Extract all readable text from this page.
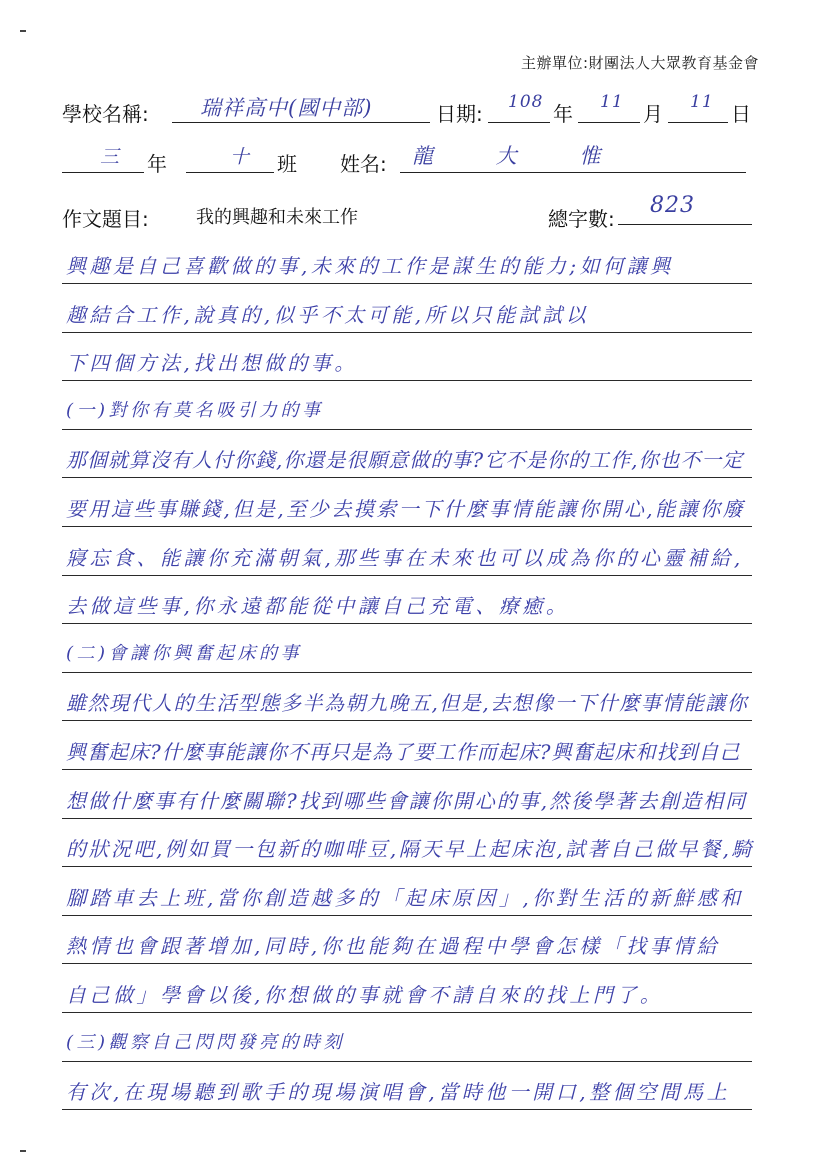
主辦單位:財團法人大眾教育基金會
學校名稱: 瑞祥高中(國中部)	日期: 108 年 11 月 11 日
三 年	十 班 姓名: 龍 大 惟
作文題目:	我的興趣和未來工作	總字數:
823
興趣是自己喜歡做的事,未來的工作是謀生的能力;如何讓興
趣結合工作,說真的,似乎不太可能,所以只能試試以
下四個方法,找出想做的事。
(一)對你有莫名吸引力的事
那個就算沒有人付你錢,你還是很願意做的事?它不是你的工作,你也不一定
要用這些事賺錢,但是,至少去摸索一下什麼事情能讓你開心,能讓你廢
寢忘食、能讓你充滿朝氣,那些事在未來也可以成為你的心靈補給,
去做這些事,你永遠都能從中讓自己充電、療癒。
(二)會讓你興奮起床的事
雖然現代人的生活型態多半為朝九晚五,但是,去想像一下什麼事情能讓你
興奮起床?什麼事能讓你不再只是為了要工作而起床?興奮起床和找到自己
想做什麼事有什麼關聯?找到哪些會讓你開心的事,然後學著去創造相同
的狀況吧,例如買一包新的咖啡豆,隔天早上起床泡,試著自己做早餐,騎
腳踏車去上班,當你創造越多的「起床原因」,你對生活的新鮮感和
熱情也會跟著增加,同時,你也能夠在過程中學會怎樣「找事情給
自己做」學會以後,你想做的事就會不請自來的找上門了。
(三)觀察自己閃閃發亮的時刻
有次,在現場聽到歌手的現場演唱會,當時他一開口,整個空間馬上
